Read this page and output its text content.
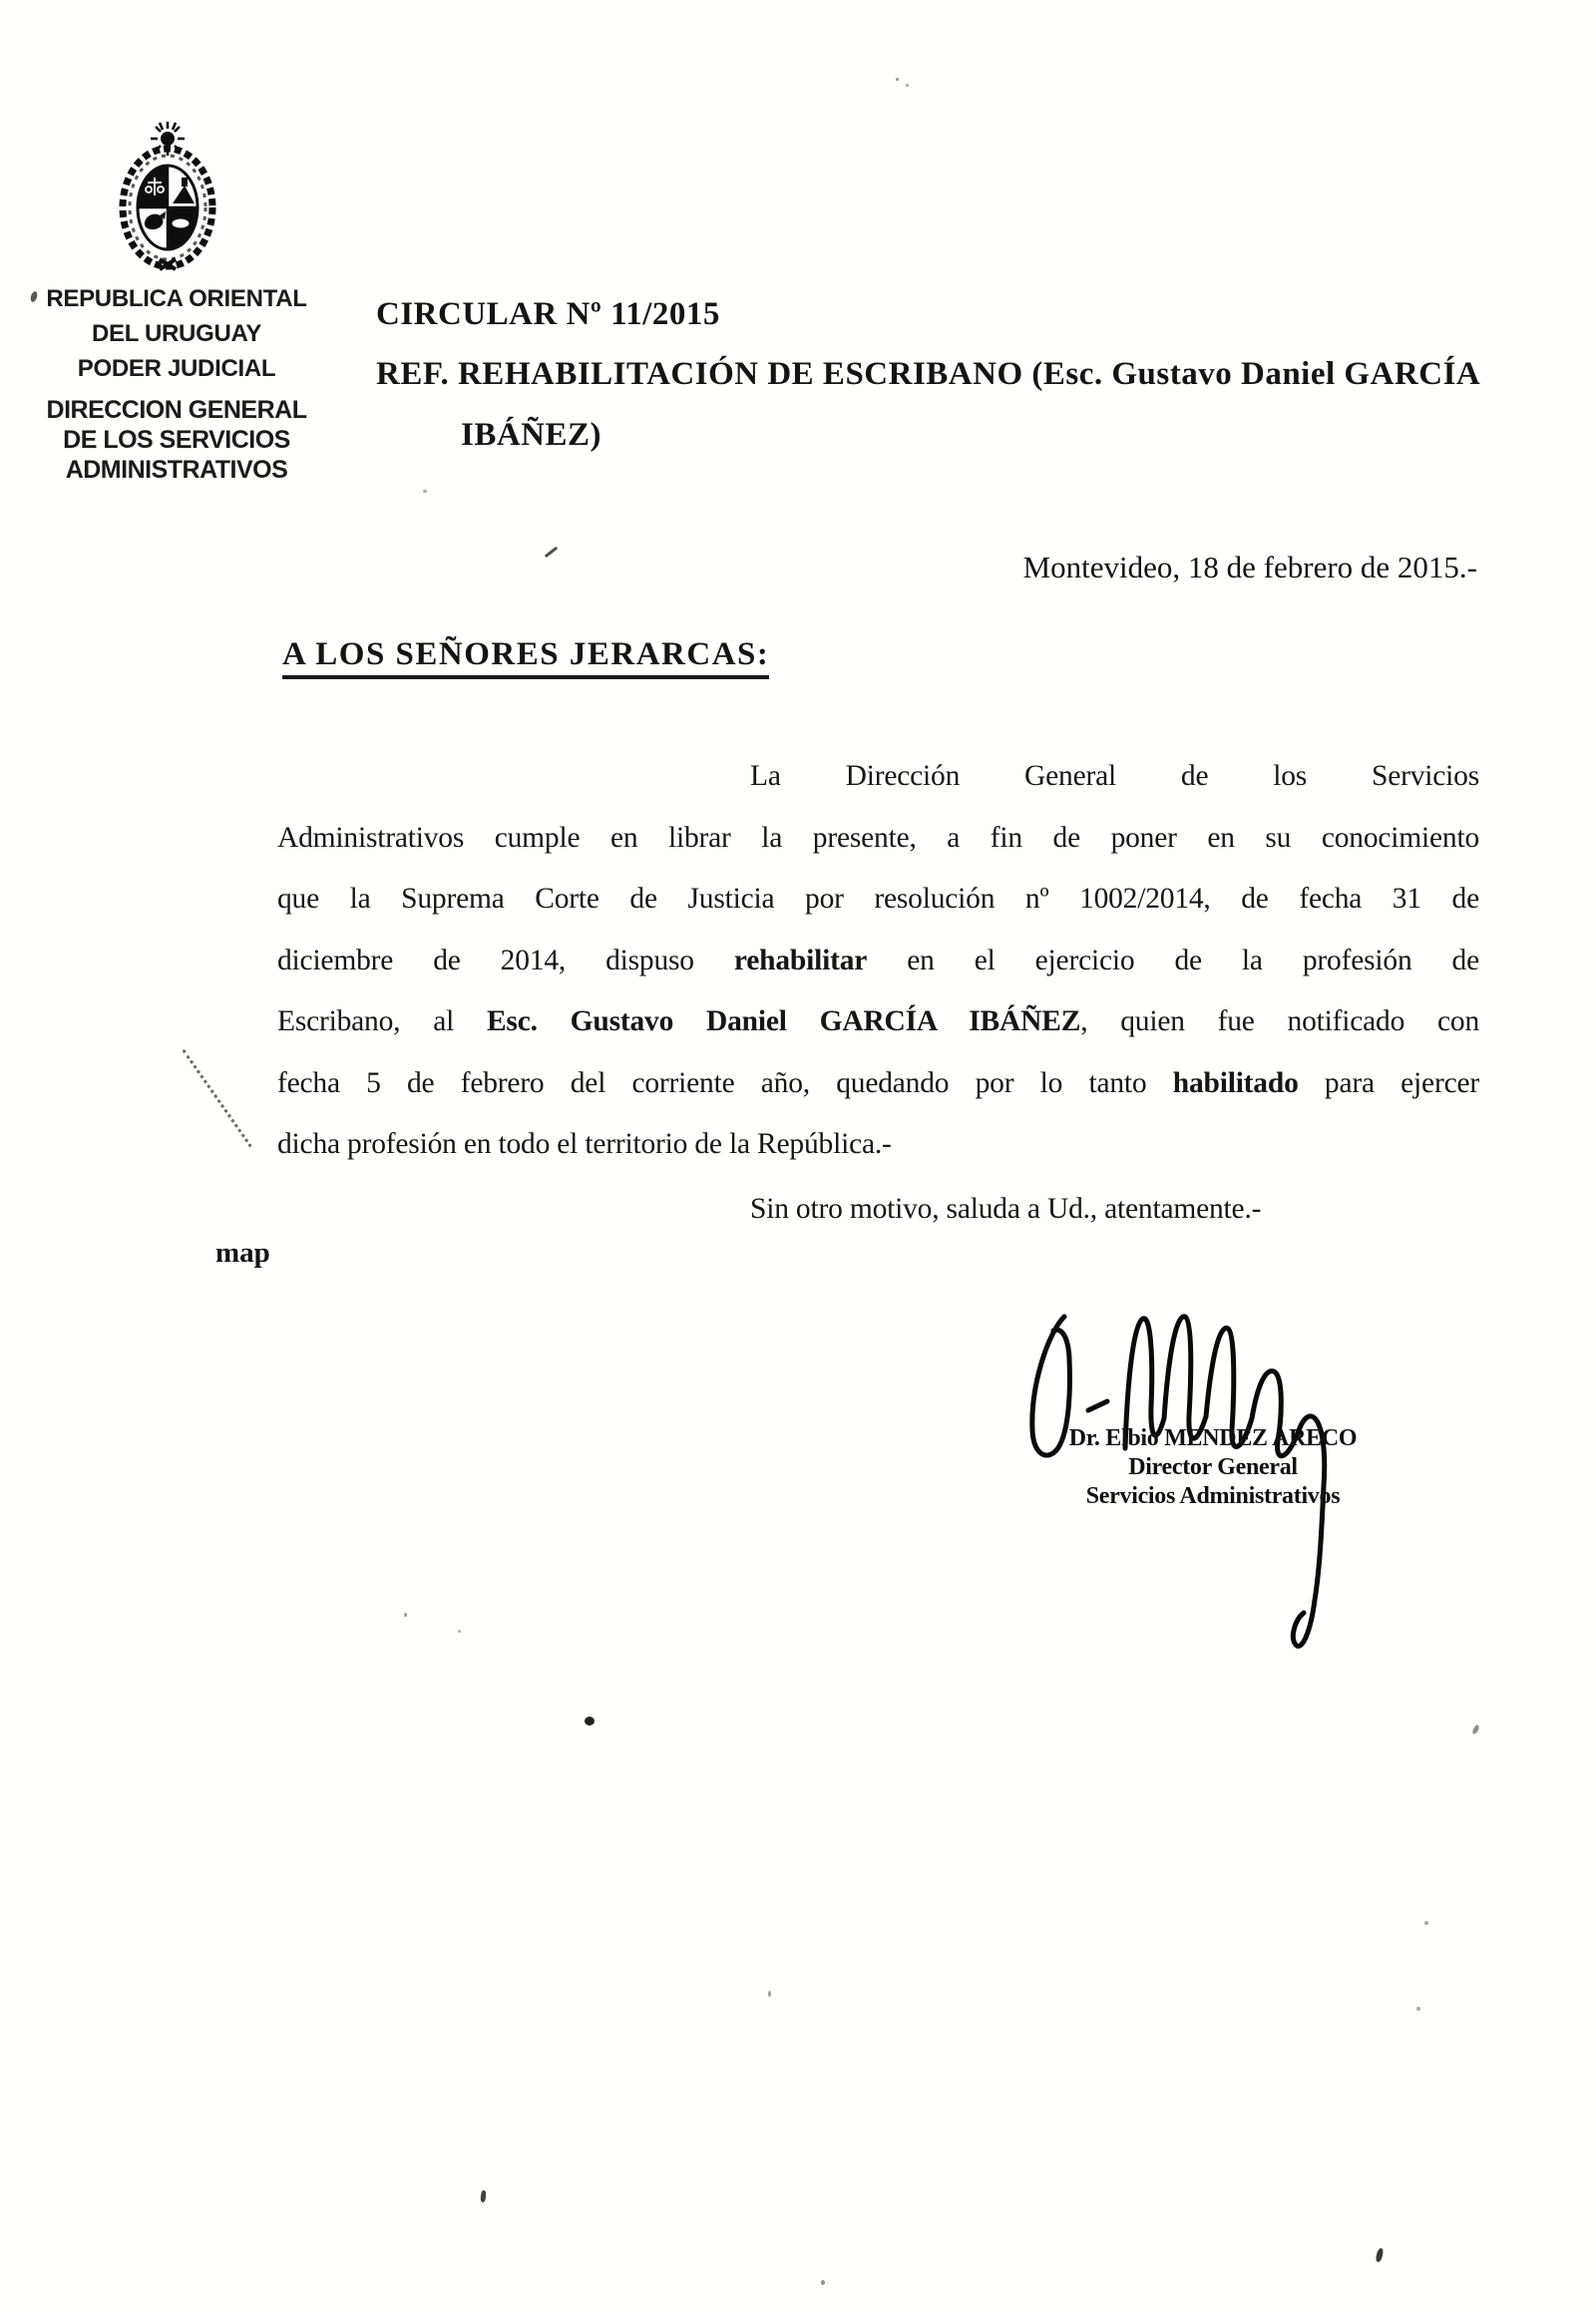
REPUBLICA ORIENTAL
DEL URUGUAY
PODER JUDICIAL
DIRECCION GENERAL
DE LOS SERVICIOS
ADMINISTRATIVOS
CIRCULAR Nº 11/2015
REF. REHABILITACIÓN DE ESCRIBANO (Esc. Gustavo Daniel GARCÍA
IBÁÑEZ)
Montevideo, 18 de febrero de 2015.-
A LOS SEÑORES JERARCAS:
La Dirección General de los Servicios
Administrativos cumple en librar la presente, a fin de poner en su conocimiento
que la Suprema Corte de Justicia por resolución nº 1002/2014, de fecha 31 de
diciembre de 2014, dispuso rehabilitar en el ejercicio de la profesión de
Escribano, al Esc. Gustavo Daniel GARCÍA IBÁÑEZ, quien fue notificado con
fecha 5 de febrero del corriente año, quedando por lo tanto habilitado para ejercer
dicha profesión en todo el territorio de la República.-
Sin otro motivo, saluda a Ud., atentamente.-
map
Dr. Elbio MENDEZ ARECO
Director General
Servicios Administrativos
